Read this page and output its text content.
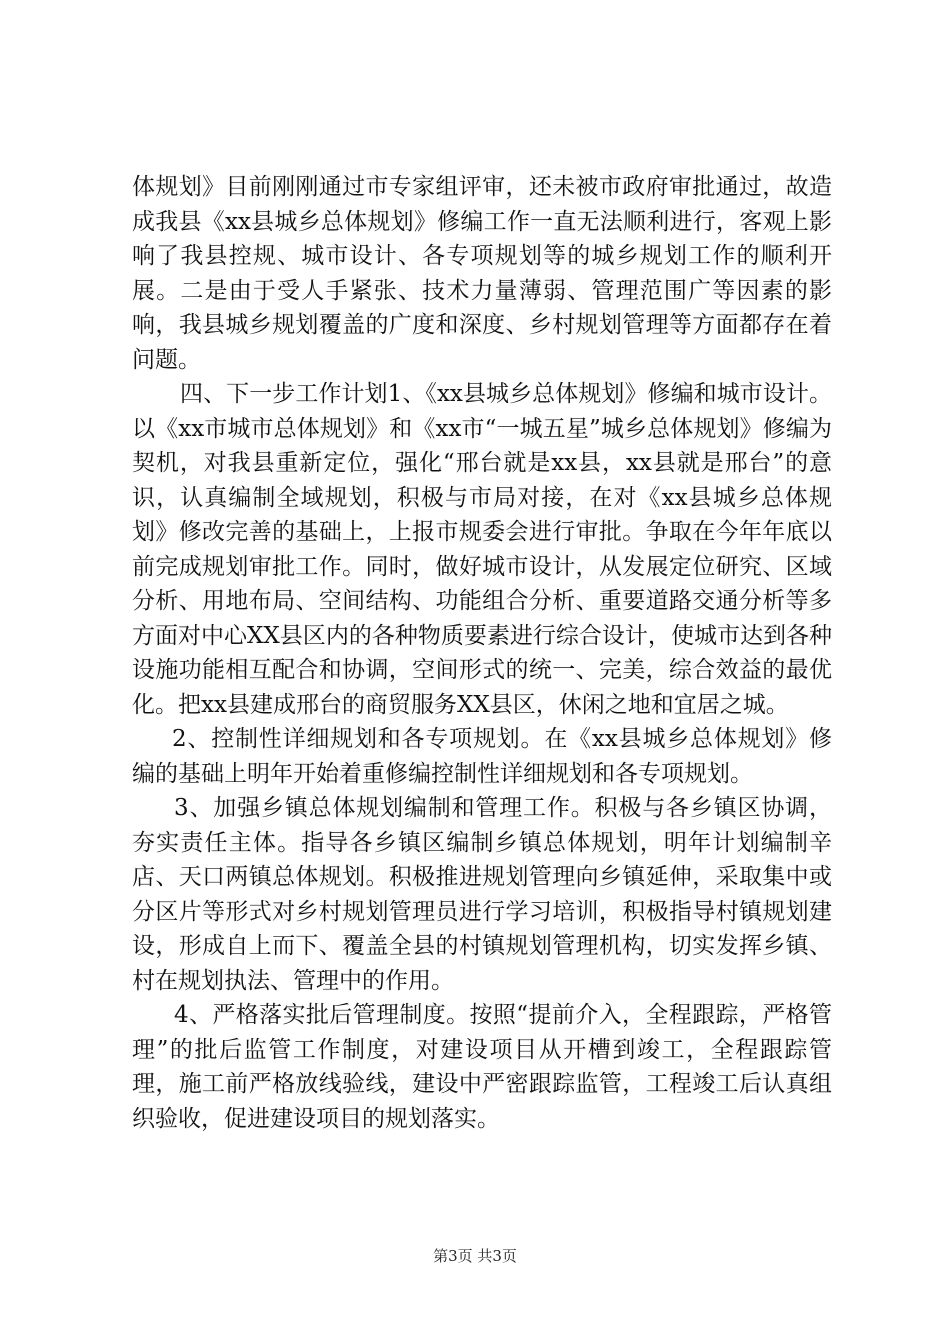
体规划》目前刚刚通过市专家组评审，还未被市政府审批通过，故造成我县《xx县城乡总体规划》修编工作一直无法顺利进行，客观上影响了我县控规、城市设计、各专项规划等的城乡规划工作的顺利开展。二是由于受人手紧张、技术力量薄弱、管理范围广等因素的影响，我县城乡规划覆盖的广度和深度、乡村规划管理等方面都存在着问题。

四、下一步工作计划1、《xx县城乡总体规划》修编和城市设计。以《xx市城市总体规划》和《xx市“一城五星”城乡总体规划》修编为契机，对我县重新定位，强化“邢台就是xx县，xx县就是邢台”的意识，认真编制全域规划，积极与市局对接，在对《xx县城乡总体规划》修改完善的基础上，上报市规委会进行审批。争取在今年年底以前完成规划审批工作。同时，做好城市设计，从发展定位研究、区域分析、用地布局、空间结构、功能组合分析、重要道路交通分析等多方面对中心XX县区内的各种物质要素进行综合设计，使城市达到各种设施功能相互配合和协调，空间形式的统一、完美，综合效益的最优化。把xx县建成邢台的商贸服务XX县区，休闲之地和宜居之城。

2、控制性详细规划和各专项规划。在《xx县城乡总体规划》修编的基础上明年开始着重修编控制性详细规划和各专项规划。

3、加强乡镇总体规划编制和管理工作。积极与各乡镇区协调，夯实责任主体。指导各乡镇区编制乡镇总体规划，明年计划编制辛店、天口两镇总体规划。积极推进规划管理向乡镇延伸，采取集中或分区片等形式对乡村规划管理员进行学习培训，积极指导村镇规划建设，形成自上而下、覆盖全县的村镇规划管理机构，切实发挥乡镇、村在规划执法、管理中的作用。

4、严格落实批后管理制度。按照“提前介入，全程跟踪，严格管理”的批后监管工作制度，对建设项目从开槽到竣工，全程跟踪管理，施工前严格放线验线，建设中严密跟踪监管，工程竣工后认真组织验收，促进建设项目的规划落实。

第3页 共3页
